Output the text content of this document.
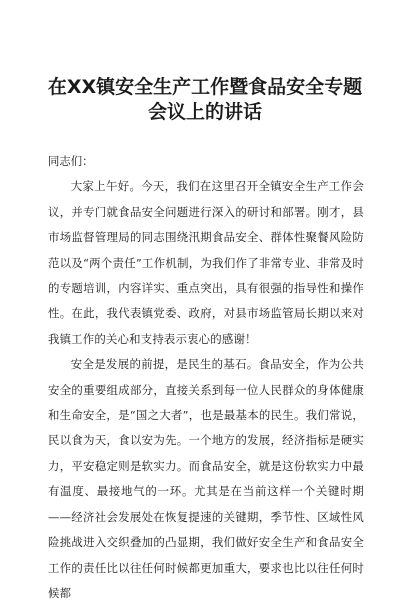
在XX镇安全生产工作暨食品安全专题
会议上的讲话

同志们：

大家上午好。今天，我们在这里召开全镇安全生产工作会议，并专门就食品安全问题进行深入的研讨和部署。刚才，县市场监督管理局的同志围绕汛期食品安全、群体性聚餐风险防范以及“两个责任”工作机制，为我们作了非常专业、非常及时的专题培训，内容详实、重点突出，具有很强的指导性和操作性。在此，我代表镇党委、政府，对县市场监管局长期以来对我镇工作的关心和支持表示衷心的感谢！

安全是发展的前提，是民生的基石。食品安全，作为公共安全的重要组成部分，直接关系到每一位人民群众的身体健康和生命安全，是“国之大者”，也是最基本的民生。我们常说，民以食为天，食以安为先。一个地方的发展，经济指标是硬实力，平安稳定则是软实力。而食品安全，就是这份软实力中最有温度、最接地气的一环。尤其是在当前这样一个关键时期——经济社会发展处在恢复提速的关键期，季节性、区域性风险挑战进入交织叠加的凸显期，我们做好安全生产和食品安全工作的责任比以往任何时候都更加重大，要求也比以往任何时候都
